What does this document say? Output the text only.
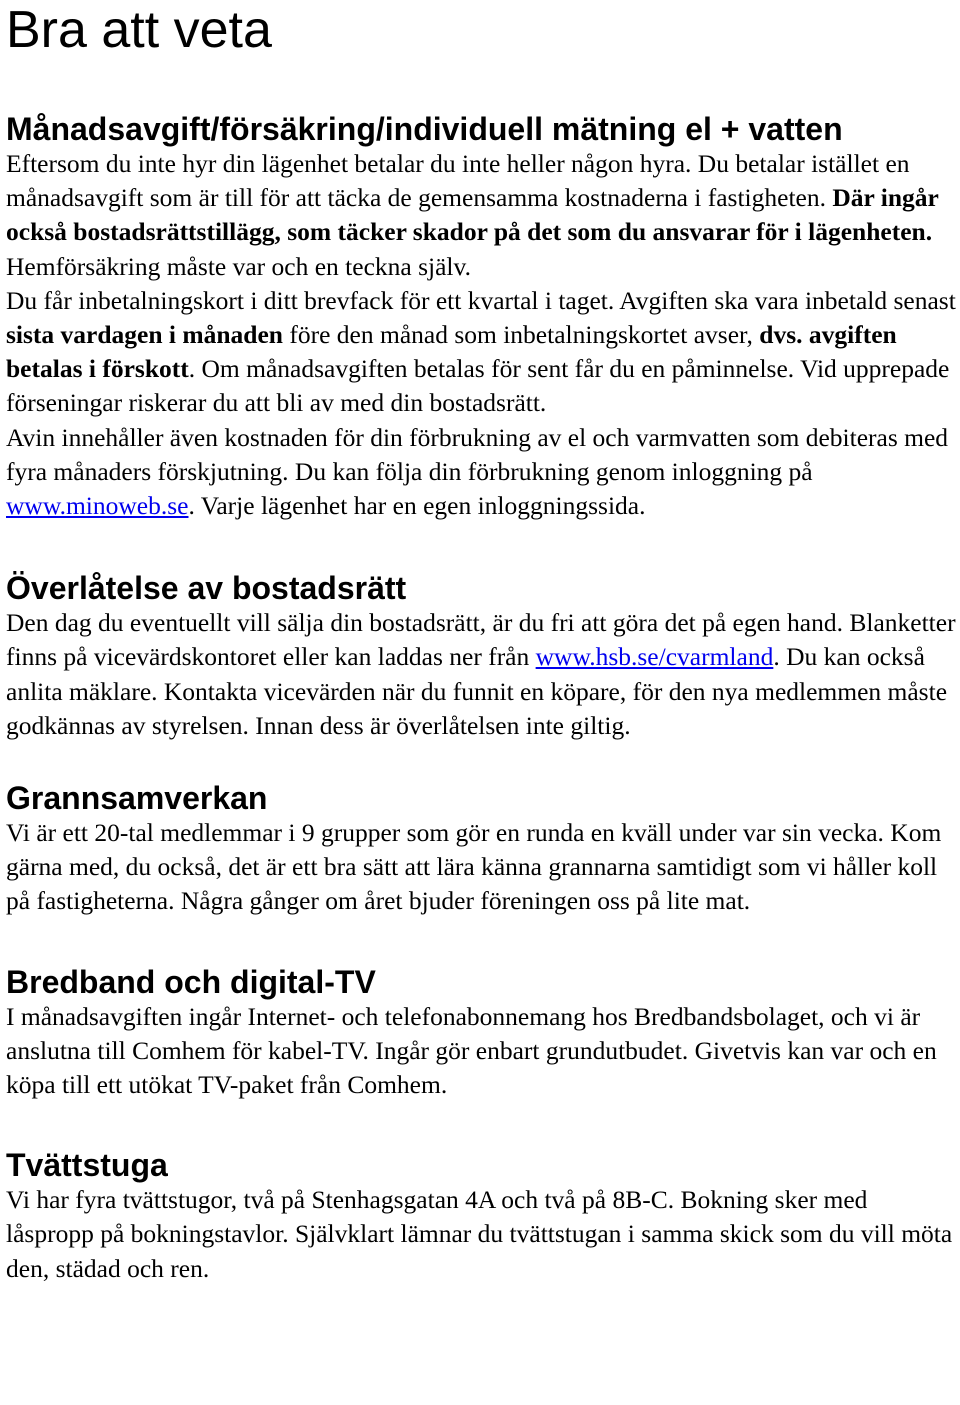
Bra att veta
Månadsavgift/försäkring/individuell mätning el + vatten

Eftersom du inte hyr din lägenhet betalar du inte heller någon hyra. Du betalar istället en månadsavgift som är till för att täcka de gemensamma kostnaderna i fastigheten. Där ingår också bostadsrättstillägg, som täcker skador på det som du ansvarar för i lägenheten. Hemförsäkring måste var och en teckna själv.

Du får inbetalningskort i ditt brevfack för ett kvartal i taget. Avgiften ska vara inbetald senast sista vardagen i månaden före den månad som inbetalningskortet avser, dvs. avgiften betalas i förskott. Om månadsavgiften betalas för sent får du en påminnelse. Vid upprepade förseningar riskerar du att bli av med din bostadsrätt.

Avin innehåller även kostnaden för din förbrukning av el och varmvatten som debiteras med fyra månaders förskjutning. Du kan följa din förbrukning genom inloggning på www.minoweb.se. Varje lägenhet har en egen inloggningssida.

Överlåtelse av bostadsrätt

Den dag du eventuellt vill sälja din bostadsrätt, är du fri att göra det på egen hand. Blanketter finns på vicevärdskontoret eller kan laddas ner från www.hsb.se/cvarmland. Du kan också anlita mäklare. Kontakta vicevärden när du funnit en köpare, för den nya medlemmen måste godkännas av styrelsen. Innan dess är överlåtelsen inte giltig.

Grannsamverkan

Vi är ett 20-tal medlemmar i 9 grupper som gör en runda en kväll under var sin vecka. Kom gärna med, du också, det är ett bra sätt att lära känna grannarna samtidigt som vi håller koll på fastigheterna. Några gånger om året bjuder föreningen oss på lite mat.

Bredband och digital-TV

I månadsavgiften ingår Internet- och telefonabonnemang hos Bredbandsbolaget, och vi är anslutna till Comhem för kabel-TV. Ingår gör enbart grundutbudet. Givetvis kan var och en köpa till ett utökat TV-paket från Comhem.

Tvättstuga

Vi har fyra tvättstugor, två på Stenhagsgatan 4A och två på 8B-C. Bokning sker med låspropp på bokningstavlor. Självklart lämnar du tvättstugan i samma skick som du vill möta den, städad och ren.
